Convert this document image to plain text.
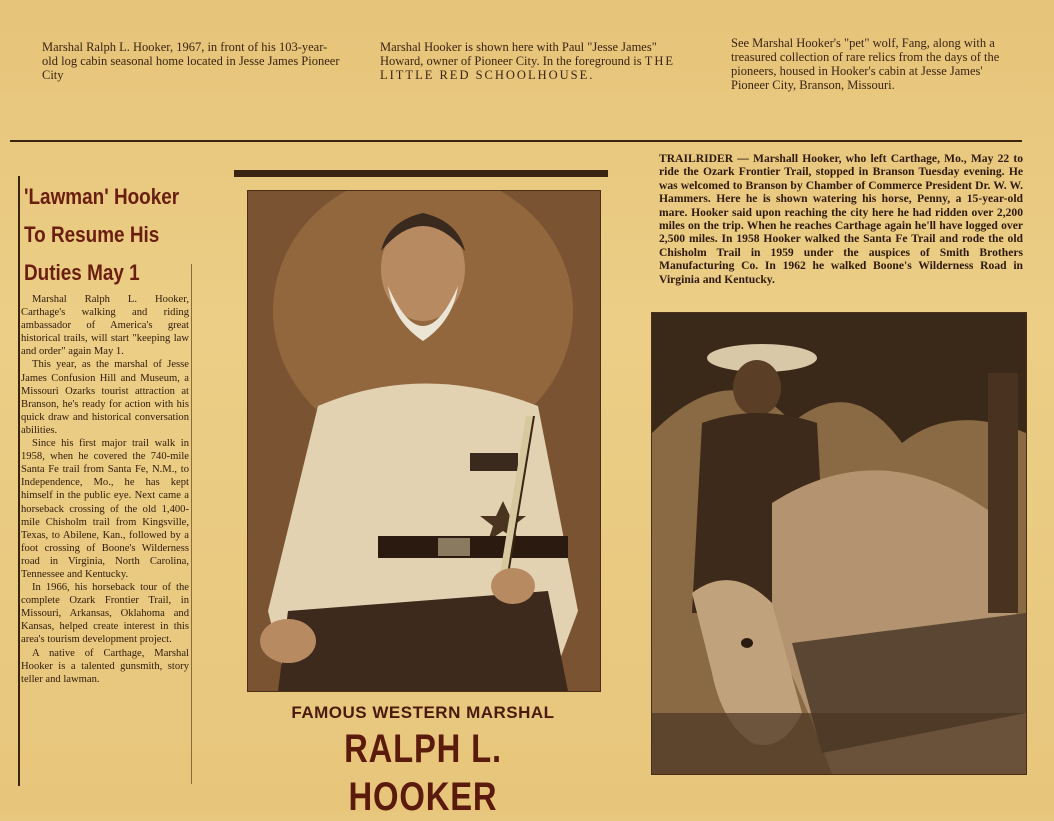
Marshal Ralph L. Hooker, 1967, in front of his 103-year-old log cabin seasonal home located in Jesse James Pioneer City
Marshal Hooker is shown here with Paul "Jesse James" Howard, owner of Pioneer City. In the foreground is THE LITTLE RED SCHOOLHOUSE.
See Marshal Hooker's "pet" wolf, Fang, along with a treasured collection of rare relics from the days of the pioneers, housed in Hooker's cabin at Jesse James' Pioneer City, Branson, Missouri.
'Lawman' Hooker To Resume His Duties May 1

Marshal Ralph L. Hooker, Carthage's walking and riding ambassador of America's great historical trails, will start "keeping law and order" again May 1.

This year, as the marshal of Jesse James Confusion Hill and Museum, a Missouri Ozarks tourist attraction at Branson, he's ready for action with his quick draw and historical conversation abilities.

Since his first major trail walk in 1958, when he covered the 740-mile Santa Fe trail from Santa Fe, N.M., to Independence, Mo., he has kept himself in the public eye. Next came a horseback crossing of the old 1,400-mile Chisholm trail from Kingsville, Texas, to Abilene, Kan., followed by a foot crossing of Boone's Wilderness road in Virginia, North Carolina, Tennessee and Kentucky.

In 1966, his horseback tour of the complete Ozark Frontier Trail, in Missouri, Arkansas, Oklahoma and Kansas, helped create interest in this area's tourism development project.

A native of Carthage, Marshal Hooker is a talented gunsmith, story teller and lawman.

FAMOUS WESTERN MARSHAL
RALPH L. HOOKER
TRAILRIDER — Marshall Hooker, who left Carthage, Mo., May 22 to ride the Ozark Frontier Trail, stopped in Branson Tuesday evening. He was welcomed to Branson by Chamber of Commerce President Dr. W. W. Hammers. Here he is shown watering his horse, Penny, a 15-year-old mare. Hooker said upon reaching the city here he had ridden over 2,200 miles on the trip. When he reaches Carthage again he'll have logged over 2,500 miles. In 1958 Hooker walked the Santa Fe Trail and rode the old Chisholm Trail in 1959 under the auspices of Smith Brothers Manufacturing Co. In 1962 he walked Boone's Wilderness Road in Virginia and Kentucky.
